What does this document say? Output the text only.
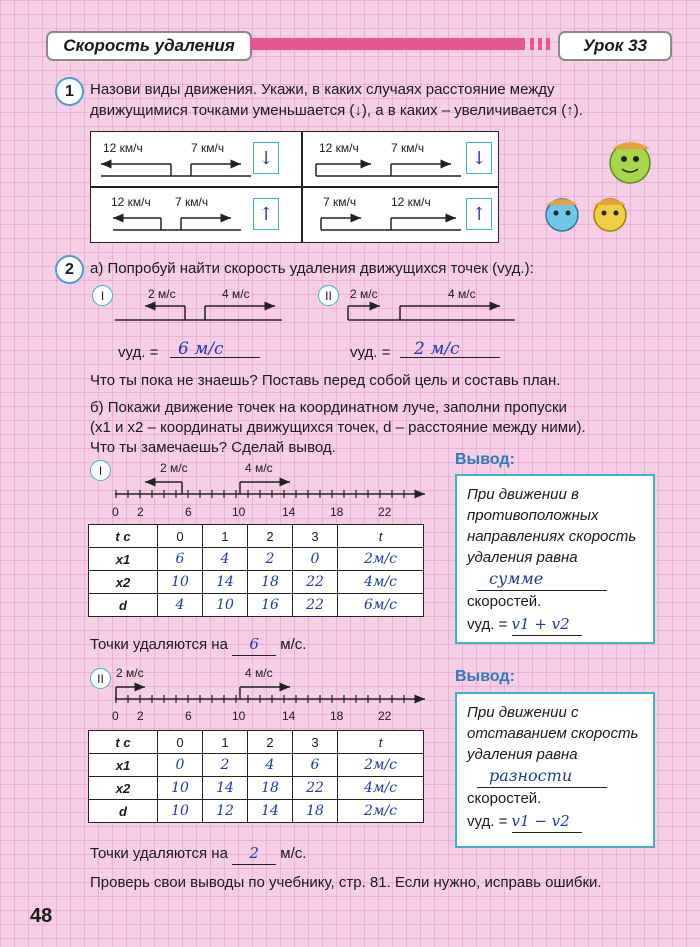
Скорость удаления	Урок 33
1 Назови виды движения. Укажи, в каких случаях расстояние между
движущимися точками уменьшается (↓), а в каких – увеличивается (↑).
12 км/ч	7 км/ч	12 км/ч	7 км/ч
12 км/ч 7 км/ч	7 км/ч	12 км/ч
↓	↓
↑	↑
2 а) Попробуй найти скорость удаления движущихся точек (vуд.):
I	2 м/с	4 м/с
vуд. = 6 м/с
II 2 м/с	4 м/с
vуд. = 2 м/с
Что ты пока не знаешь? Поставь перед собой цель и составь план.
б) Покажи движение точек на координатном луче, заполни пропуски
(x1 и x2 – координаты движущихся точек, d – расстояние между ними).
Что ты замечаешь? Сделай вывод.
I	2 м/с	4 м/с
0 2	6	10	14	18	22
t с	0	1	2	3	t
x1	6	4	2	0	2м/с
x2	10	14	18	22	4м/с
d	4	10	16	22	6м/с
Точки удаляются на 6 м/с.
Вывод:
При движении в
противоположных
направлениях скорость
удаления равна
сумме
скоростей.
vуд. = v1 + v2
II 2 м/с	4 м/с
0 2	6	10	14	18	22
t с	0	1	2	3	t
x1	0	2	4	6	2м/с
x2	10	14	18	22	4м/с
d	10	12	14	18	2м/с
Точки удаляются на 2 м/с.
Вывод:
При движении с
отставанием скорость
удаления равна
разности
скоростей.
vуд. = v1 − v2
Проверь свои выводы по учебнику, стр. 81. Если нужно, исправь ошибки.
48
